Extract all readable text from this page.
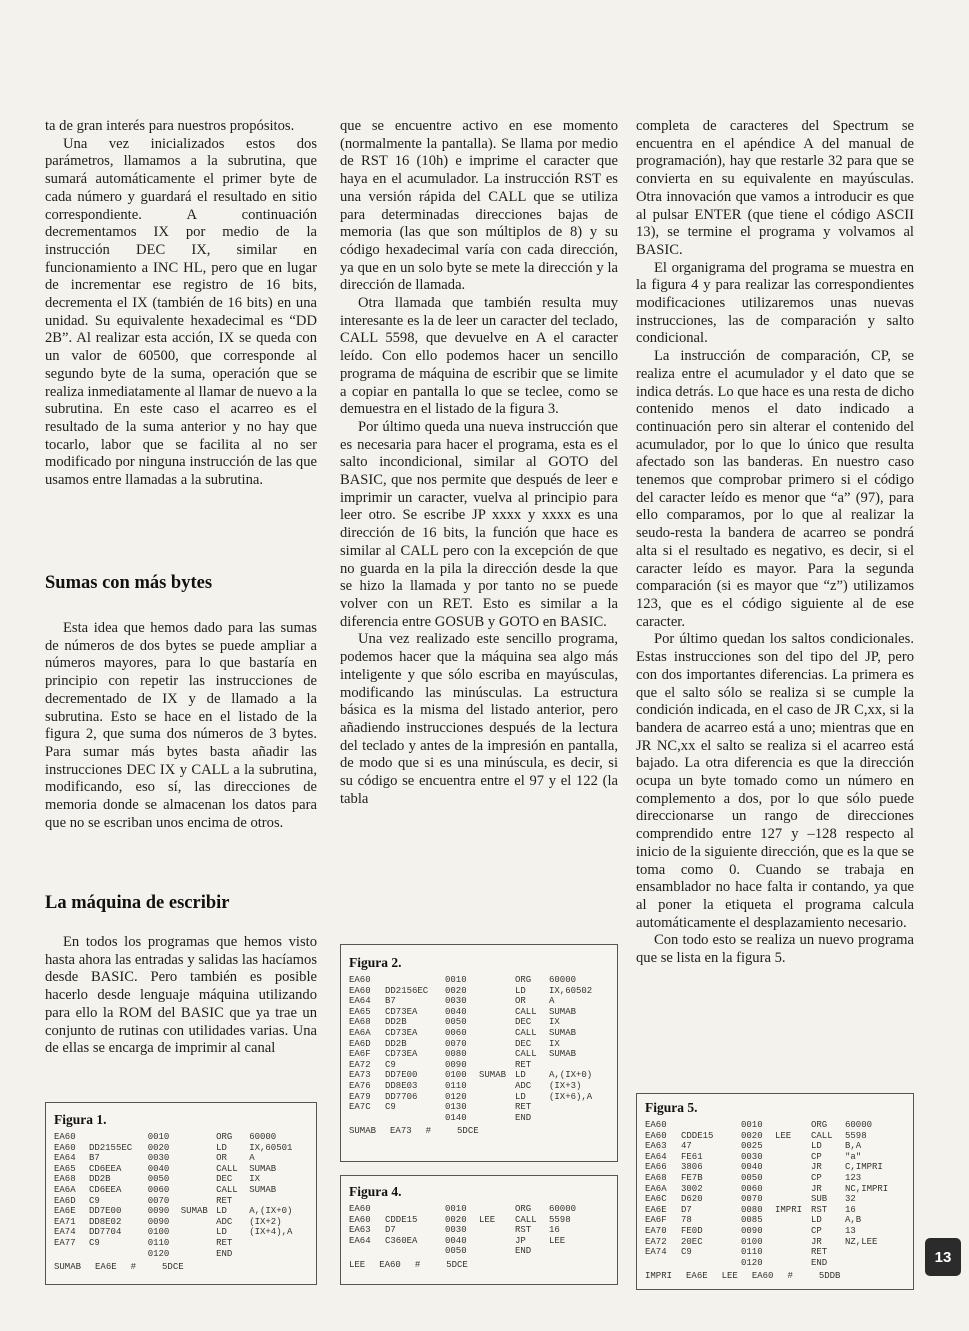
ta de gran interés para nuestros propósitos.

Una vez inicializados estos dos parámetros, llamamos a la subrutina, que sumará automáticamente el primer byte de cada número y guardará el resultado en sitio correspondiente. A continuación decrementamos IX por medio de la instrucción DEC IX, similar en funcionamiento a INC HL, pero que en lugar de incrementar ese registro de 16 bits, decrementa el IX (también de 16 bits) en una unidad. Su equivalente hexadecimal es “DD 2B”. Al realizar esta acción, IX se queda con un valor de 60500, que corresponde al segundo byte de la suma, operación que se realiza inmediatamente al llamar de nuevo a la subrutina. En este caso el acarreo es el resultado de la suma anterior y no hay que tocarlo, labor que se facilita al no ser modificado por ninguna instrucción de las que usamos entre llamadas a la subrutina.

Sumas con más bytes

Esta idea que hemos dado para las sumas de números de dos bytes se puede ampliar a números mayores, para lo que bastaría en principio con repetir las instrucciones de decrementado de IX y de llamado a la subrutina. Esto se hace en el listado de la figura 2, que suma dos números de 3 bytes. Para sumar más bytes basta añadir las instrucciones DEC IX y CALL a la subrutina, modificando, eso sí, las direcciones de memoria donde se almacenan los datos para que no se escriban unos encima de otros.

La máquina de escribir

En todos los programas que hemos visto hasta ahora las entradas y salidas las hacíamos desde BASIC. Pero también es posible hacerlo desde lenguaje máquina utilizando para ello la ROM del BASIC que ya trae un conjunto de rutinas con utilidades varias. Una de ellas se encarga de imprimir al canal

que se encuentre activo en ese momento (normalmente la pantalla). Se llama por medio de RST 16 (10h) e imprime el caracter que haya en el acumulador. La instrucción RST es una versión rápida del CALL que se utiliza para determinadas direcciones bajas de memoria (las que son múltiplos de 8) y su código hexadecimal varía con cada dirección, ya que en un solo byte se mete la dirección y la dirección de llamada.

Otra llamada que también resulta muy interesante es la de leer un caracter del teclado, CALL 5598, que devuelve en A el caracter leído. Con ello podemos hacer un sencillo programa de máquina de escribir que se limite a copiar en pantalla lo que se teclee, como se demuestra en el listado de la figura 3.

Por último queda una nueva instrucción que es necesaria para hacer el programa, esta es el salto incondicional, similar al GOTO del BASIC, que nos permite que después de leer e imprimir un caracter, vuelva al principio para leer otro. Se escribe JP xxxx y xxxx es una dirección de 16 bits, la función que hace es similar al CALL pero con la excepción de que no guarda en la pila la dirección desde la que se hizo la llamada y por tanto no se puede volver con un RET. Esto es similar a la diferencia entre GOSUB y GOTO en BASIC.

Una vez realizado este sencillo programa, podemos hacer que la máquina sea algo más inteligente y que sólo escriba en mayúsculas, modificando las minúsculas. La estructura básica es la misma del listado anterior, pero añadiendo instrucciones después de la lectura del teclado y antes de la impresión en pantalla, de modo que si es una minúscula, es decir, si su código se encuentra entre el 97 y el 122 (la tabla

completa de caracteres del Spectrum se encuentra en el apéndice A del manual de programación), hay que restarle 32 para que se convierta en su equivalente en mayúsculas. Otra innovación que vamos a introducir es que al pulsar ENTER (que tiene el código ASCII 13), se termine el programa y volvamos al BASIC.

El organigrama del programa se muestra en la figura 4 y para realizar las correspondientes modificaciones utilizaremos unas nuevas instrucciones, las de comparación y salto condicional.

La instrucción de comparación, CP, se realiza entre el acumulador y el dato que se indica detrás. Lo que hace es una resta de dicho contenido menos el dato indicado a continuación pero sin alterar el contenido del acumulador, por lo que lo único que resulta afectado son las banderas. En nuestro caso tenemos que comprobar primero si el código del caracter leído es menor que “a” (97), para ello comparamos, por lo que al realizar la seudo-resta la bandera de acarreo se pondrá alta si el resultado es negativo, es decir, si el caracter leído es mayor. Para la segunda comparación (si es mayor que “z”) utilizamos 123, que es el código siguiente al de ese caracter.

Por último quedan los saltos condicionales. Estas instrucciones son del tipo del JP, pero con dos importantes diferencias. La primera es que el salto sólo se realiza si se cumple la condición indicada, en el caso de JR C,xx, si la bandera de acarreo está a uno; mientras que en JR NC,xx el salto se realiza si el acarreo está bajado. La otra diferencia es que la dirección ocupa un byte tomado como un número en complemento a dos, por lo que sólo puede direccionarse un rango de direcciones comprendido entre 127 y –128 respecto al inicio de la siguiente dirección, que es la que se toma como 0. Cuando se trabaja en ensamblador no hace falta ir contando, ya que al poner la etiqueta el programa calcula automáticamente el desplazamiento necesario.

Con todo esto se realiza un nuevo programa que se lista en la figura 5.

Figura 1.
EA60		0010		ORG	60000
EA60	DD2155EC	0020		LD	IX,60501
EA64	B7	0030		OR	A
EA65	CD6EEA	0040		CALL	SUMAB
EA68	DD2B	0050		DEC	IX
EA6A	CD6EEA	0060		CALL	SUMAB
EA6D	C9	0070		RET	
EA6E	DD7E00	0090	SUMAB	LD	A,(IX+0)
EA71	DD8E02	0090		ADC	(IX+2)
EA74	DD7704	0100		LD	(IX+4),A
EA77	C9	0110		RET	
		0120		END	
SUMAB EA6E # 5DCE					
Figura 2.
EA60		0010		ORG	60000
EA60	DD2156EC	0020		LD	IX,60502
EA64	B7	0030		OR	A
EA65	CD73EA	0040		CALL	SUMAB
EA68	DD2B	0050		DEC	IX
EA6A	CD73EA	0060		CALL	SUMAB
EA6D	DD2B	0070		DEC	IX
EA6F	CD73EA	0080		CALL	SUMAB
EA72	C9	0090		RET	
EA73	DD7E00	0100	SUMAB	LD	A,(IX+0)
EA76	DD8E03	0110		ADC	(IX+3)
EA79	DD7706	0120		LD	(IX+6),A
EA7C	C9	0130		RET	
		0140		END	
SUMAB EA73 # 5DCE					
Figura 4.
EA60		0010		ORG	60000
EA60	CDDE15	0020	LEE	CALL	5598
EA63	D7	0030		RST	16
EA64	C360EA	0040		JP	LEE
		0050		END	
LEE EA60 # 5DCE					
Figura 5.
EA60		0010		ORG	60000
EA60	CDDE15	0020	LEE	CALL	5598
EA63	47	0025		LD	B,A
EA64	FE61	0030		CP	"a"
EA66	3806	0040		JR	C,IMPRI
EA68	FE7B	0050		CP	123
EA6A	3002	0060		JR	NC,IMPRI
EA6C	D620	0070		SUB	32
EA6E	D7	0080	IMPRI	RST	16
EA6F	78	0085		LD	A,B
EA70	FE0D	0090		CP	13
EA72	20EC	0100		JR	NZ,LEE
EA74	C9	0110		RET	
		0120		END	
IMPRI EA6E LEE EA60 # 5DDB					
13
